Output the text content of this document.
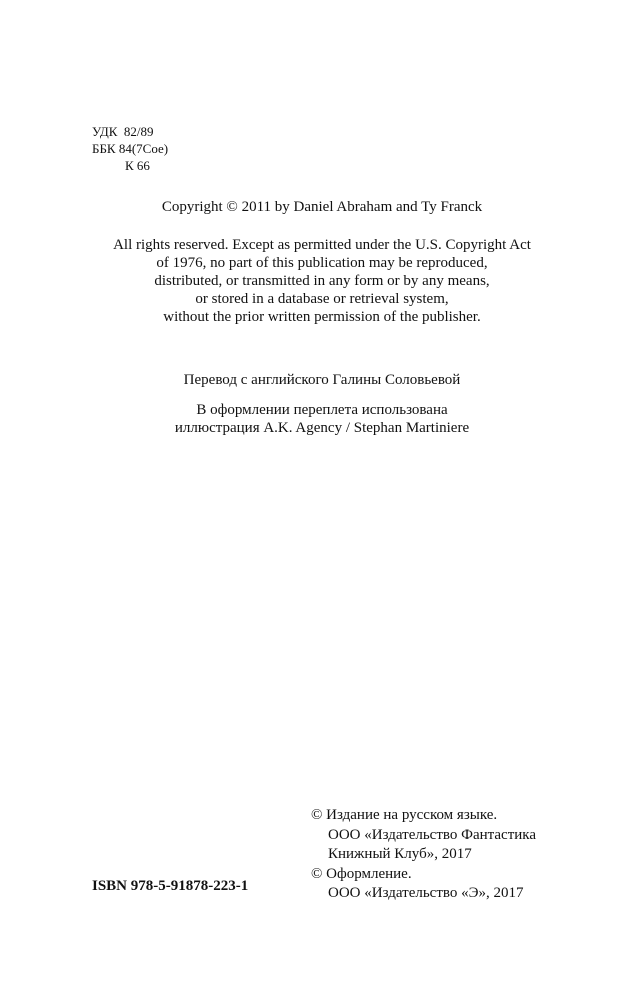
УДК  82/89
ББК 84(7Сое)
К 66
Copyright © 2011 by Daniel Abraham and Ty Franck
All rights reserved. Except as permitted under the U.S. Copyright Act
of 1976, no part of this publication may be reproduced,
distributed, or transmitted in any form or by any means,
or stored in a database or retrieval system,
without the prior written permission of the publisher.
Перевод с английского Галины Соловьевой
В оформлении переплета использована
иллюстрация A.K. Agency / Stephan Martiniere
© Издание на русском языке.
ООО «Издательство Фантастика
Книжный Клуб», 2017
© Оформление.
ООО «Издательство «Э», 2017
ISBN 978-5-91878-223-1
